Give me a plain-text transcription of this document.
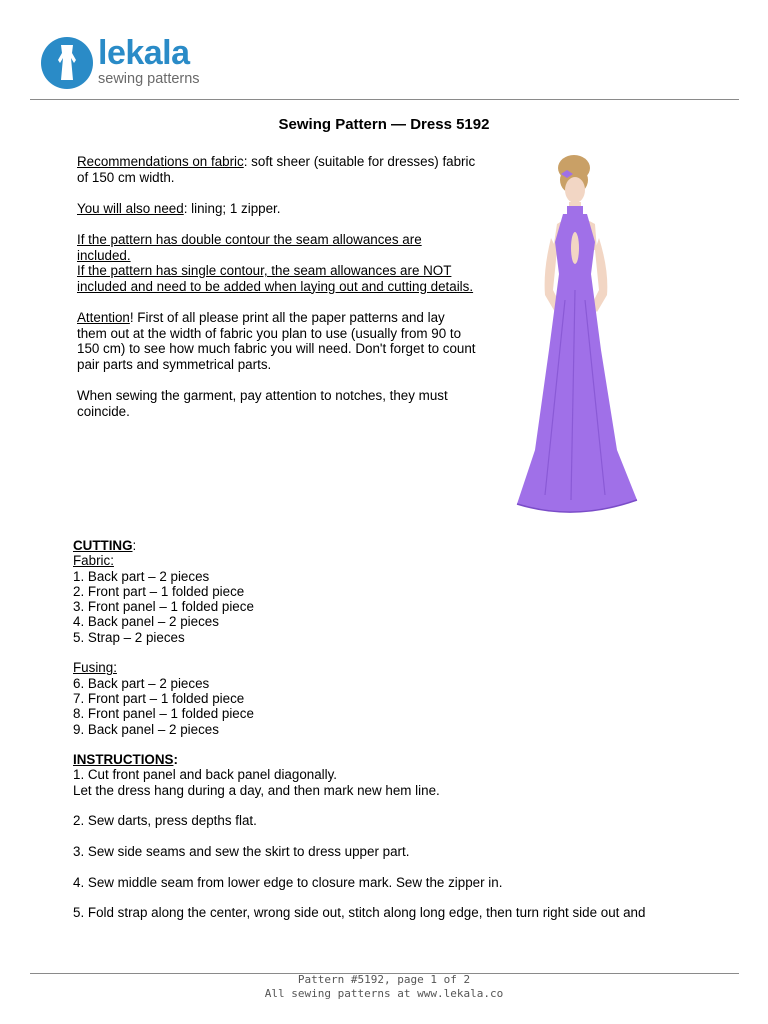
lekala
sewing patterns
Sewing Pattern — Dress 5192

Recommendations on fabric: soft sheer (suitable for dresses) fabric of 150 cm width.

You will also need: lining; 1 zipper.

If the pattern has double contour the seam allowances are included.

If the pattern has single contour, the seam allowances are NOT included and need to be added when laying out and cutting details.

Attention! First of all please print all the paper patterns and lay them out at the width of fabric you plan to use (usually from 90 to 150 cm) to see how much fabric you will need. Don't forget to count pair parts and symmetrical parts.

When sewing the garment, pay attention to notches, they must coincide.

CUTTING:
Fabric:
1. Back part – 2 pieces
2. Front part – 1 folded piece
3. Front panel – 1 folded piece
4. Back panel – 2 pieces
5. Strap – 2 pieces
Fusing:
6. Back part – 2 pieces
7. Front part – 1 folded piece
8. Front panel – 1 folded piece
9. Back panel – 2 pieces
INSTRUCTIONS:
1. Cut front panel and back panel diagonally.
Let the dress hang during a day, and then mark new hem line.
2. Sew darts, press depths flat.
3. Sew side seams and sew the skirt to dress upper part.
4. Sew middle seam from lower edge to closure mark. Sew the zipper in.
5. Fold strap along the center, wrong side out, stitch along long edge, then turn right side out and
Pattern #5192, page 1 of 2
All sewing patterns at www.lekala.co
